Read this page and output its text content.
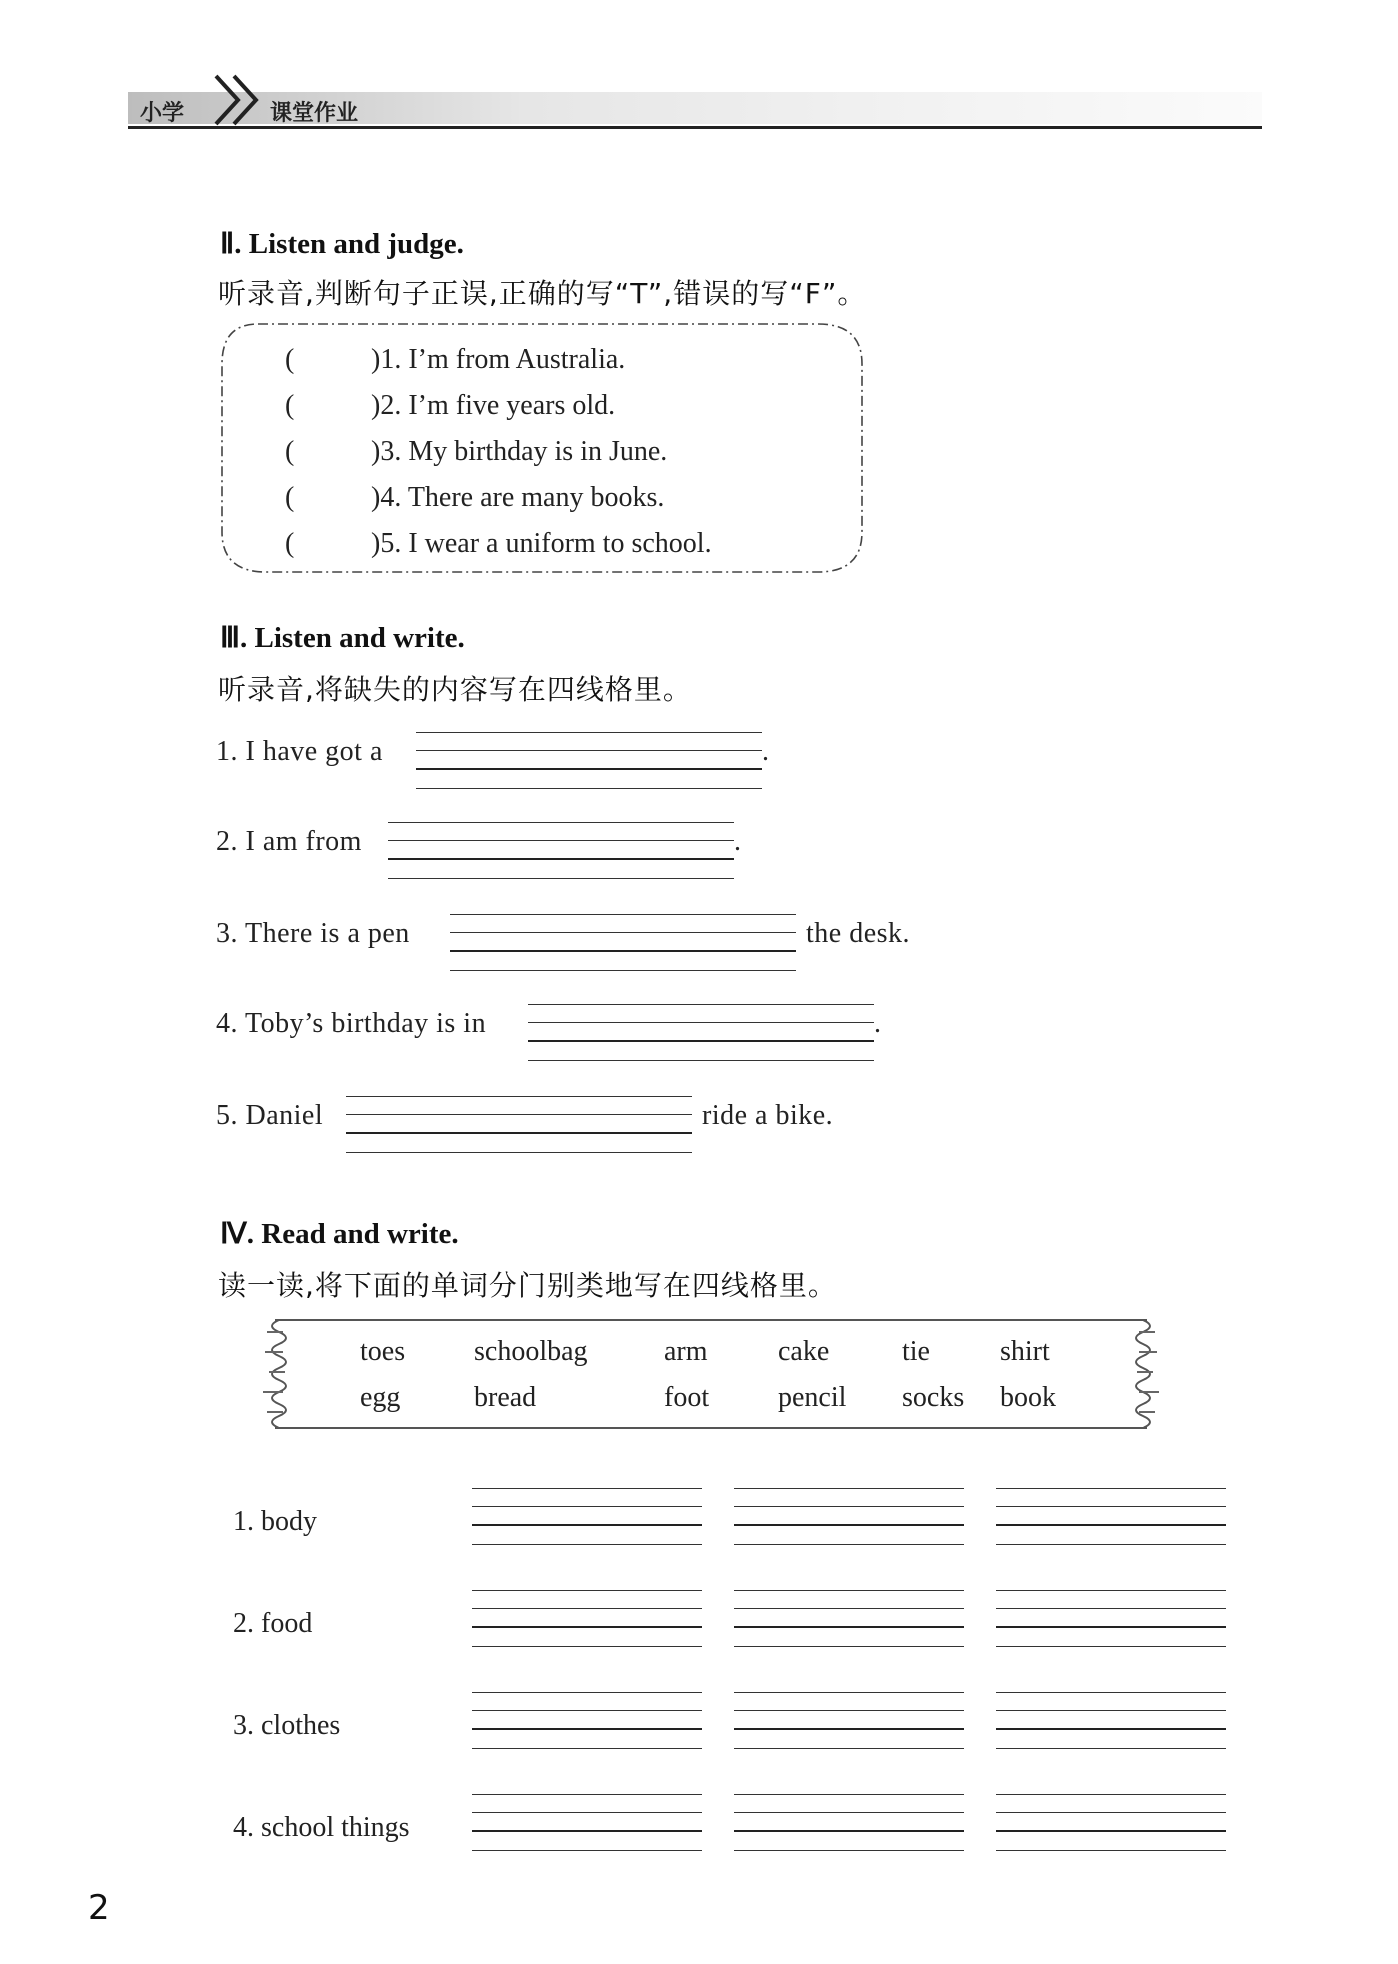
小学	课堂作业
Ⅱ. Listen and judge.
听录音,判断句子正误,正确的写“T”,错误的写“F”。
(	)1. I’m from Australia.
(	)2. I’m five years old.
(	)3. My birthday is in June.
(	)4. There are many books.
(	)5. I wear a uniform to school.
Ⅲ. Listen and write.
听录音,将缺失的内容写在四线格里。
1. I have got a	.
2. I am from	.
3. There is a pen	the desk.
4. Toby’s birthday is in	.
5. Daniel	ride a bike.
Ⅳ. Read and write.
读一读,将下面的单词分门别类地写在四线格里。
toes schoolbag	arm	cake	tie	shirt
egg	bread	foot pencil socks book
1. body
2. food
3. clothes
4. school things
2
